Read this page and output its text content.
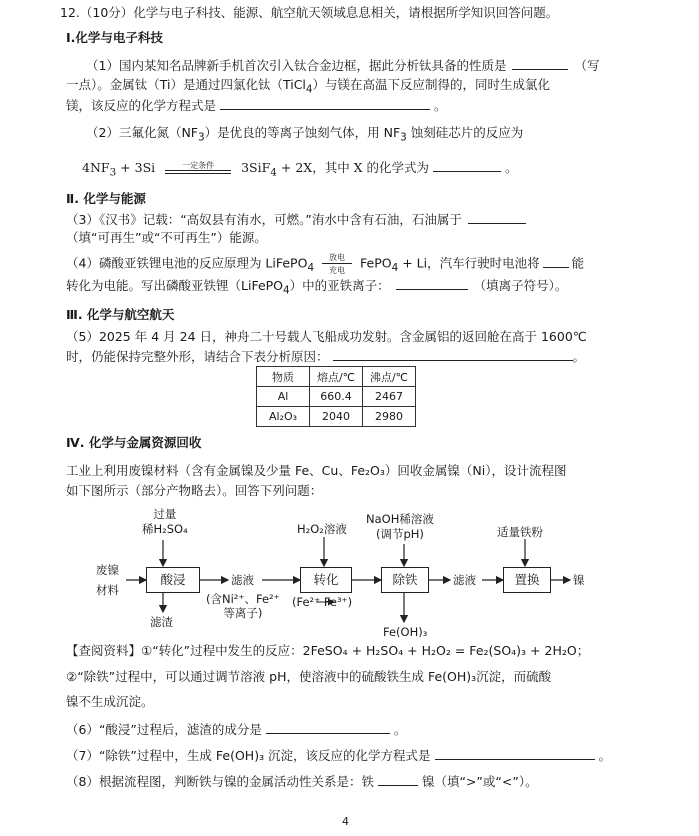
12.（10分）化学与电子科技、能源、航空航天领域息息相关，请根据所学知识回答问题。
Ⅰ.化学与电子科技
（1）国内某知名品牌新手机首次引入钛合金边框，据此分析钛具备的性质是	（写
一点）。金属钛（Ti）是通过四氯化钛（TiCl$_4$）与镁在高温下反应制得的，同时生成氯化
镁，该反应的化学方程式是	。
（2）三氟化氮$(NF_3)$是优良的等离子蚀刻气体，用 $NF_3$ 蚀刻硅芯片的反应为
$4NF_3 + 3Si$	一定条件	3SiF$_4$ + 2X，其中 X 的化学式为	。
Ⅱ. 化学与能源
（3）《汉书》记载：“高奴县有洧水，可燃。”洧水中含有石油，石油属于
（填“可再生”或“不可再生”）能源。
（4）磷酸亚铁锂电池的反应原理为 LiFePO$_4$
放电
充电 FePO$_4$ + Li，汽车行驶时电池将	能
转化为电能。写出磷酸亚铁锂（LiFePO$_4$）中的亚铁离子：	（填离子符号）。
Ⅲ. 化学与航空航天
（5）2025 年 4 月 24 日，神舟二十号载人飞船成功发射。含金属铝的返回舱在高于 1600℃
时，仍能保持完整外形，请结合下表分析原因：	。
物质	熔点/℃	沸点/℃
Al	660.4	2467
Al₂O₃	2040	2980
Ⅳ. 化学与金属资源回收
工业上利用废镍材料（含有金属镍及少量 Fe、Cu、Fe₂O₃）回收金属镍（Ni），设计流程图
如下图所示（部分产物略去）。回答下列问题：
废镍
材料
过量
稀H₂SO₄
酸浸
滤渣
滤液
(含Ni²⁺、Fe²⁺
等离子)
H₂O₂溶液
转化
(Fe²⁺ Fe³⁺)
NaOH稀溶液
(调节pH)
除铁
Fe(OH)₃
滤液
适量铁粉
置换	镍
【查阅资料】①“转化”过程中发生的反应：2FeSO₄ + H₂SO₄ + H₂O₂ = Fe₂(SO₄)₃ + 2H₂O；
②“除铁”过程中，可以通过调节溶液 pH，使溶液中的硫酸铁生成 Fe(OH)₃沉淀，而硫酸
镍不生成沉淀。
（6）“酸浸”过程后，滤渣的成分是	。
（7）“除铁”过程中，生成 Fe(OH)₃ 沉淀，该反应的化学方程式是	。
（8）根据流程图，判断铁与镍的金属活动性关系是：铁	镍（填“>”或“<”）。
4
